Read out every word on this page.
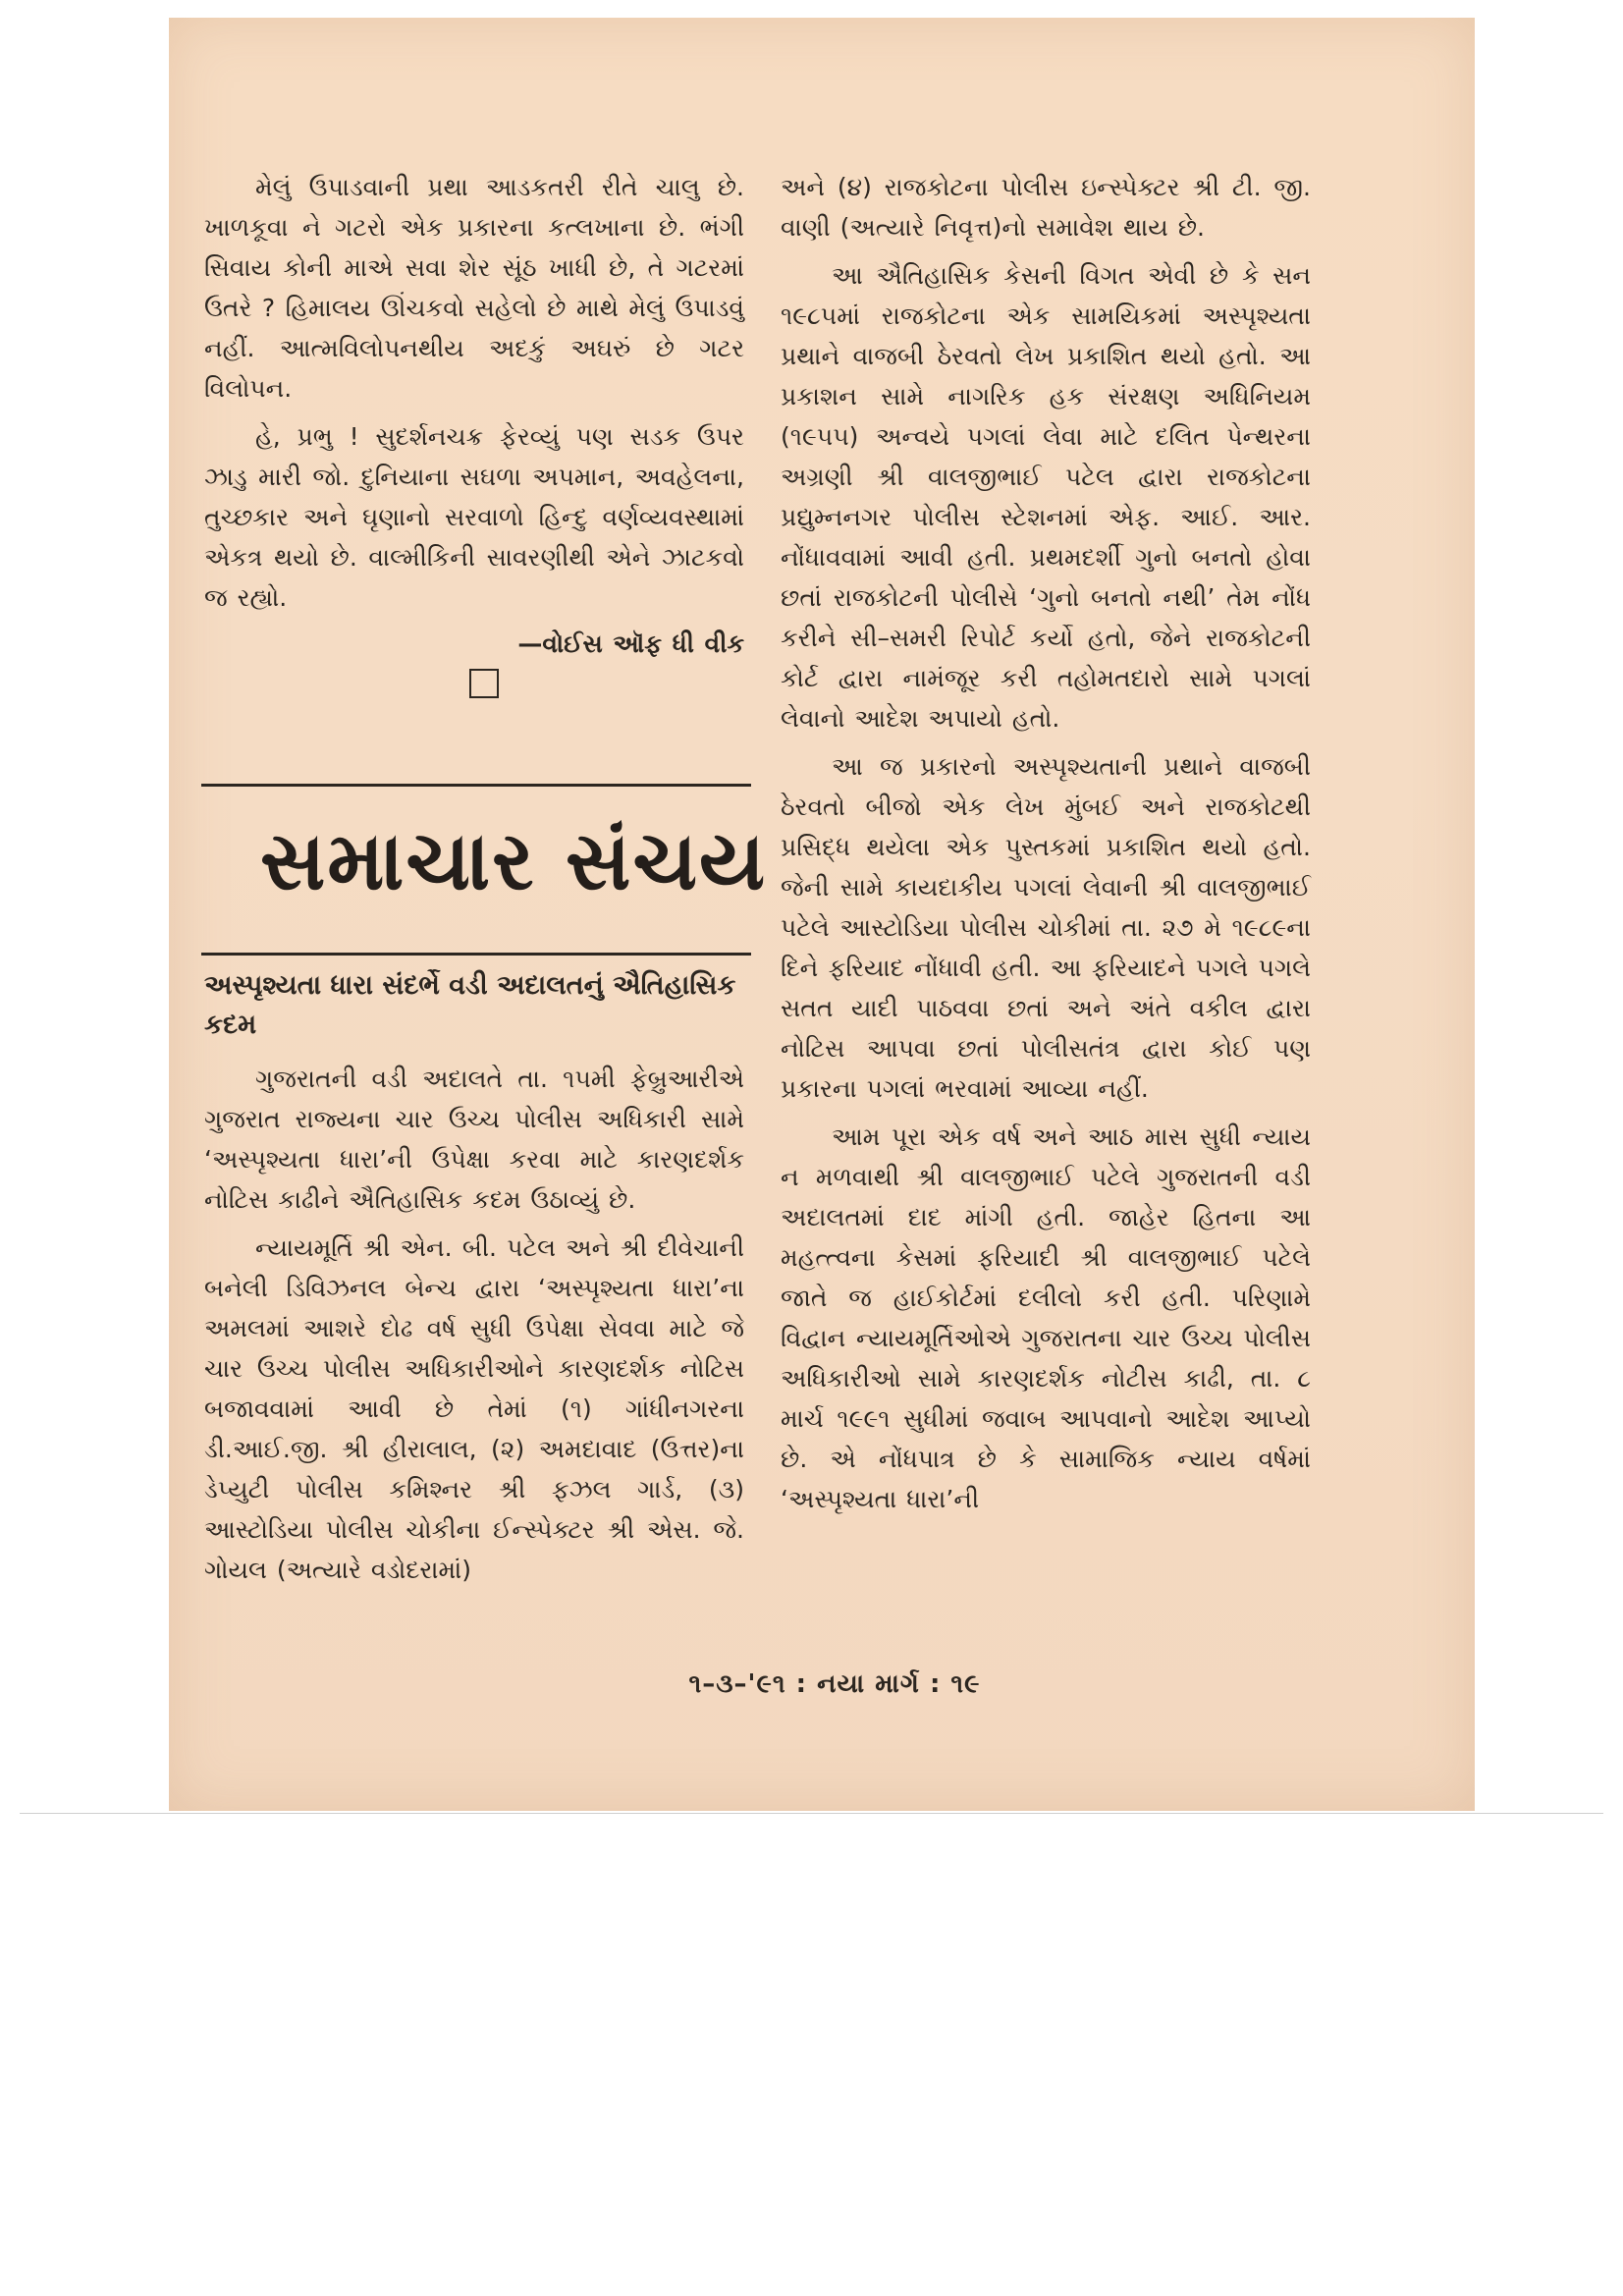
મેલું ઉપાડવાની પ્રથા આડકતરી રીતે ચાલુ છે. ખાળકૂવા ને ગટરો એક પ્રકારના કત્લખાના છે. ભંગી સિવાય કોની માએ સવા શેર સૂંઠ ખાધી છે, તે ગટરમાં ઉતરે ? હિમાલય ઊંચકવો સહેલો છે માથે મેલું ઉપાડવું નહીં. આત્મવિલોપનથીય અદકું અઘરું છે ગટર વિલોપન.

હે, પ્રભુ ! સુદર્શનચક્ર ફેરવ્યું પણ સડક ઉપર ઝાડુ મારી જો. દુનિયાના સઘળા અપમાન, અવહેલના, તુચ્છકાર અને ઘૃણાનો સરવાળો હિન્દુ વર્ણવ્યવસ્થામાં એકત્ર થયો છે. વાલ્મીકિની સાવરણીથી એને ઝાટકવો જ રહ્યો.

—વોઈસ ઑફ ધી વીક
સમાચાર સંચય
અસ્પૃશ્યતા ધારા સંદર્ભે વડી અદાલતનું ઐતિહાસિક કદમ

ગુજરાતની વડી અદાલતે તા. ૧૫મી ફેબ્રુઆરીએ ગુજરાત રાજ્યના ચાર ઉચ્ચ પોલીસ અધિકારી સામે ‘અસ્પૃશ્યતા ધારા’ની ઉપેક્ષા કરવા માટે કારણદર્શક નોટિસ કાઢીને ઐતિહાસિક કદમ ઉઠાવ્યું છે.

ન્યાયમૂર્તિ શ્રી એન. બી. પટેલ અને શ્રી દીવેચાની બનેલી ડિવિઝનલ બેન્ચ દ્વારા ‘અસ્પૃશ્યતા ધારા’ના અમલમાં આશરે દોઢ વર્ષ સુધી ઉપેક્ષા સેવવા માટે જે ચાર ઉચ્ચ પોલીસ અધિકારીઓને કારણદર્શક નોટિસ બજાવવામાં આવી છે તેમાં (૧) ગાંધીનગરના ડી.આઈ.જી. શ્રી હીરાલાલ, (૨) અમદાવાદ (ઉત્તર)ના ડેપ્યુટી પોલીસ કમિશ્નર શ્રી ફઝલ ગાર્ડ, (૩) આસ્ટોડિયા પોલીસ ચોકીના ઈન્સ્પેક્ટર શ્રી એસ. જે. ગોયલ (અત્યારે વડોદરામાં)

અને (૪) રાજકોટના પોલીસ ઇન્સ્પેક્ટર શ્રી ટી. જી. વાણી (અત્યારે નિવૃત્ત)નો સમાવેશ થાય છે.

આ ઐતિહાસિક કેસની વિગત એવી છે કે સન ૧૯૮૫માં રાજકોટના એક સામયિકમાં અસ્પૃશ્યતા પ્રથાને વાજબી ઠેરવતો લેખ પ્રકાશિત થયો હતો. આ પ્રકાશન સામે નાગરિક હક સંરક્ષણ અધિનિયમ (૧૯૫૫) અન્વયે પગલાં લેવા માટે દલિત પેન્થરના અગ્રણી શ્રી વાલજીભાઈ પટેલ દ્વારા રાજકોટના પ્રદ્યુમ્નનગર પોલીસ સ્ટેશનમાં એફ. આઈ. આર. નોંધાવવામાં આવી હતી. પ્રથમદર્શી ગુનો બનતો હોવા છતાં રાજકોટની પોલીસે ‘ગુનો બનતો નથી’ તેમ નોંધ કરીને સી–સમરી રિપોર્ટ કર્યો હતો, જેને રાજકોટની કોર્ટ દ્વારા નામંજૂર કરી તહોમતદારો સામે પગલાં લેવાનો આદેશ અપાયો હતો.

આ જ પ્રકારનો અસ્પૃશ્યતાની પ્રથાને વાજબી ઠેરવતો બીજો એક લેખ મુંબઈ અને રાજકોટથી પ્રસિદ્ધ થયેલા એક પુસ્તકમાં પ્રકાશિત થયો હતો. જેની સામે કાયદાકીય પગલાં લેવાની શ્રી વાલજીભાઈ પટેલે આસ્ટોડિયા પોલીસ ચોકીમાં તા. ૨૭ મે ૧૯૮૯ના દિને ફરિયાદ નોંધાવી હતી. આ ફરિયાદને પગલે પગલે સતત યાદી પાઠવવા છતાં અને અંતે વકીલ દ્વારા નોટિસ આપવા છતાં પોલીસતંત્ર દ્વારા કોઈ પણ પ્રકારના પગલાં ભરવામાં આવ્યા નહીં.

આમ પૂરા એક વર્ષ અને આઠ માસ સુધી ન્યાય ન મળવાથી શ્રી વાલજીભાઈ પટેલે ગુજરાતની વડી અદાલતમાં દાદ માંગી હતી. જાહેર હિતના આ મહત્ત્વના કેસમાં ફરિયાદી શ્રી વાલજીભાઈ પટેલે જાતે જ હાઈકોર્ટમાં દલીલો કરી હતી. પરિણામે વિદ્વાન ન્યાયમૂર્તિઓએ ગુજરાતના ચાર ઉચ્ચ પોલીસ અધિકારીઓ સામે કારણદર્શક નોટીસ કાઢી, તા. ૮ માર્ચ ૧૯૯૧ સુધીમાં જવાબ આપવાનો આદેશ આપ્યો છે. એ નોંધપાત્ર છે કે સામાજિક ન્યાય વર્ષમાં ‘અસ્પૃશ્યતા ધારા’ની

૧–૩–'૯૧ : નયા માર્ગ : ૧૯
